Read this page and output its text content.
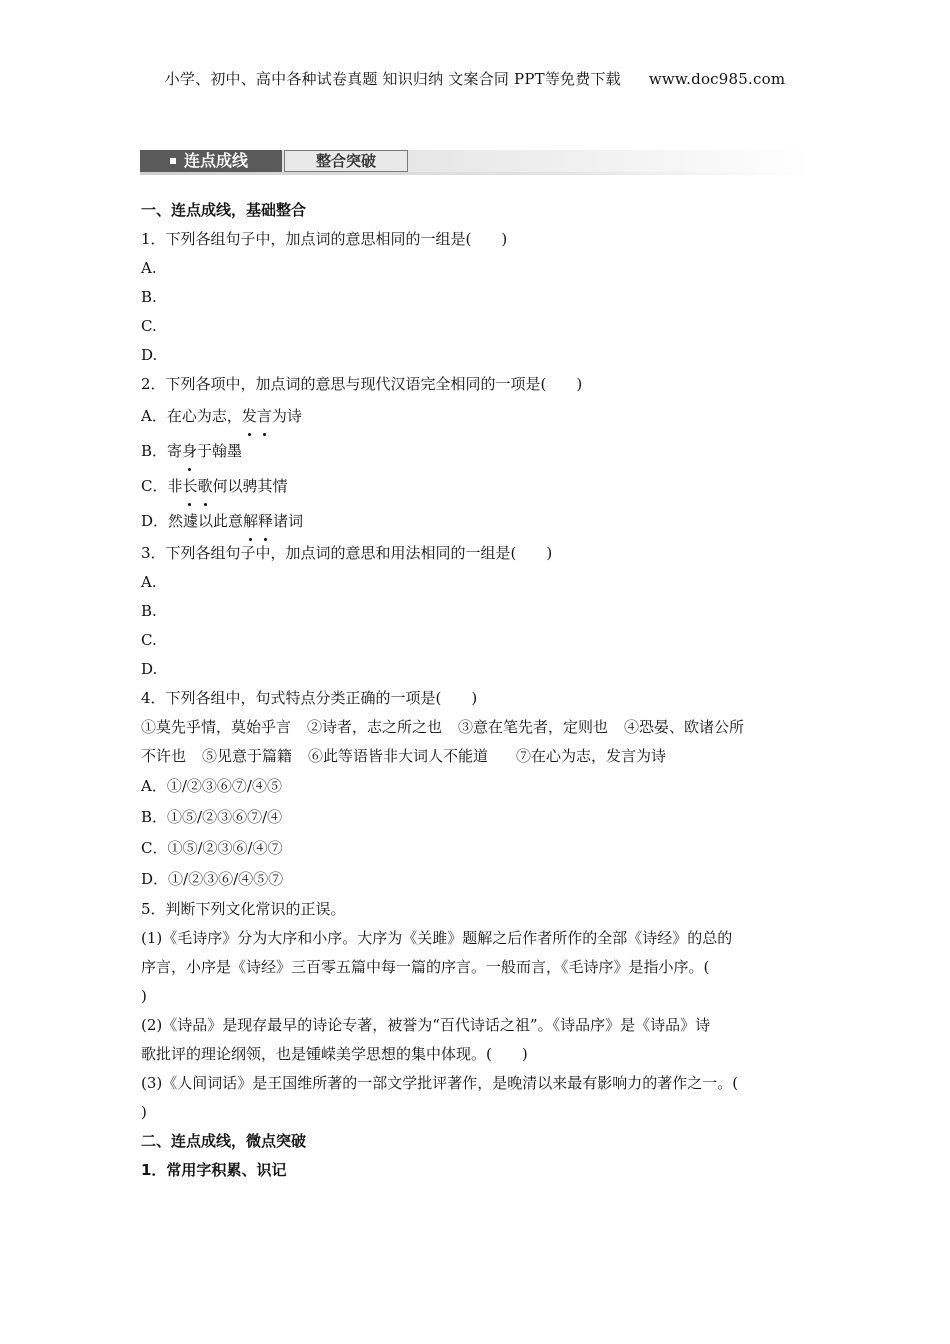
小学、初中、高中各种试卷真题 知识归纳 文案合同 PPT等免费下载 www.doc985.com
连点成线	整合突破
一、连点成线，基础整合
1．下列各组句子中，加点词的意思相同的一组是(　　)
A.
B.
C.
D.
2．下列各项中，加点词的意思与现代汉语完全相同的一项是(　　)
A．在心为志，发言为诗
B．寄身于翰墨
C．非长歌何以骋其情
D．然遽以此意解释诸词
3．下列各组句子中，加点词的意思和用法相同的一组是(　　)
A.
B.
C.
D.
4．下列各组中，句式特点分类正确的一项是(　　)
①莫先乎情，莫始乎言 ②诗者，志之所之也 ③意在笔先者，定则也 ④恐晏、欧诸公所
不许也 ⑤见意于篇籍 ⑥此等语皆非大词人不能道 ⑦在心为志，发言为诗
A．①/②③⑥⑦/④⑤
B．①⑤/②③⑥⑦/④
C．①⑤/②③⑥/④⑦
D．①/②③⑥/④⑤⑦
5．判断下列文化常识的正误。
(1)《毛诗序》分为大序和小序。大序为《关雎》题解之后作者所作的全部《诗经》的总的
序言，小序是《诗经》三百零五篇中每一篇的序言。一般而言，《毛诗序》是指小序。(
)
(2)《诗品》是现存最早的诗论专著，被誉为“百代诗话之祖”。《诗品序》是《诗品》诗
歌批评的理论纲领，也是锺嵘美学思想的集中体现。(　　)
(3)《人间词话》是王国维所著的一部文学批评著作，是晚清以来最有影响力的著作之一。(
)
二、连点成线，微点突破
1．常用字积累、识记
